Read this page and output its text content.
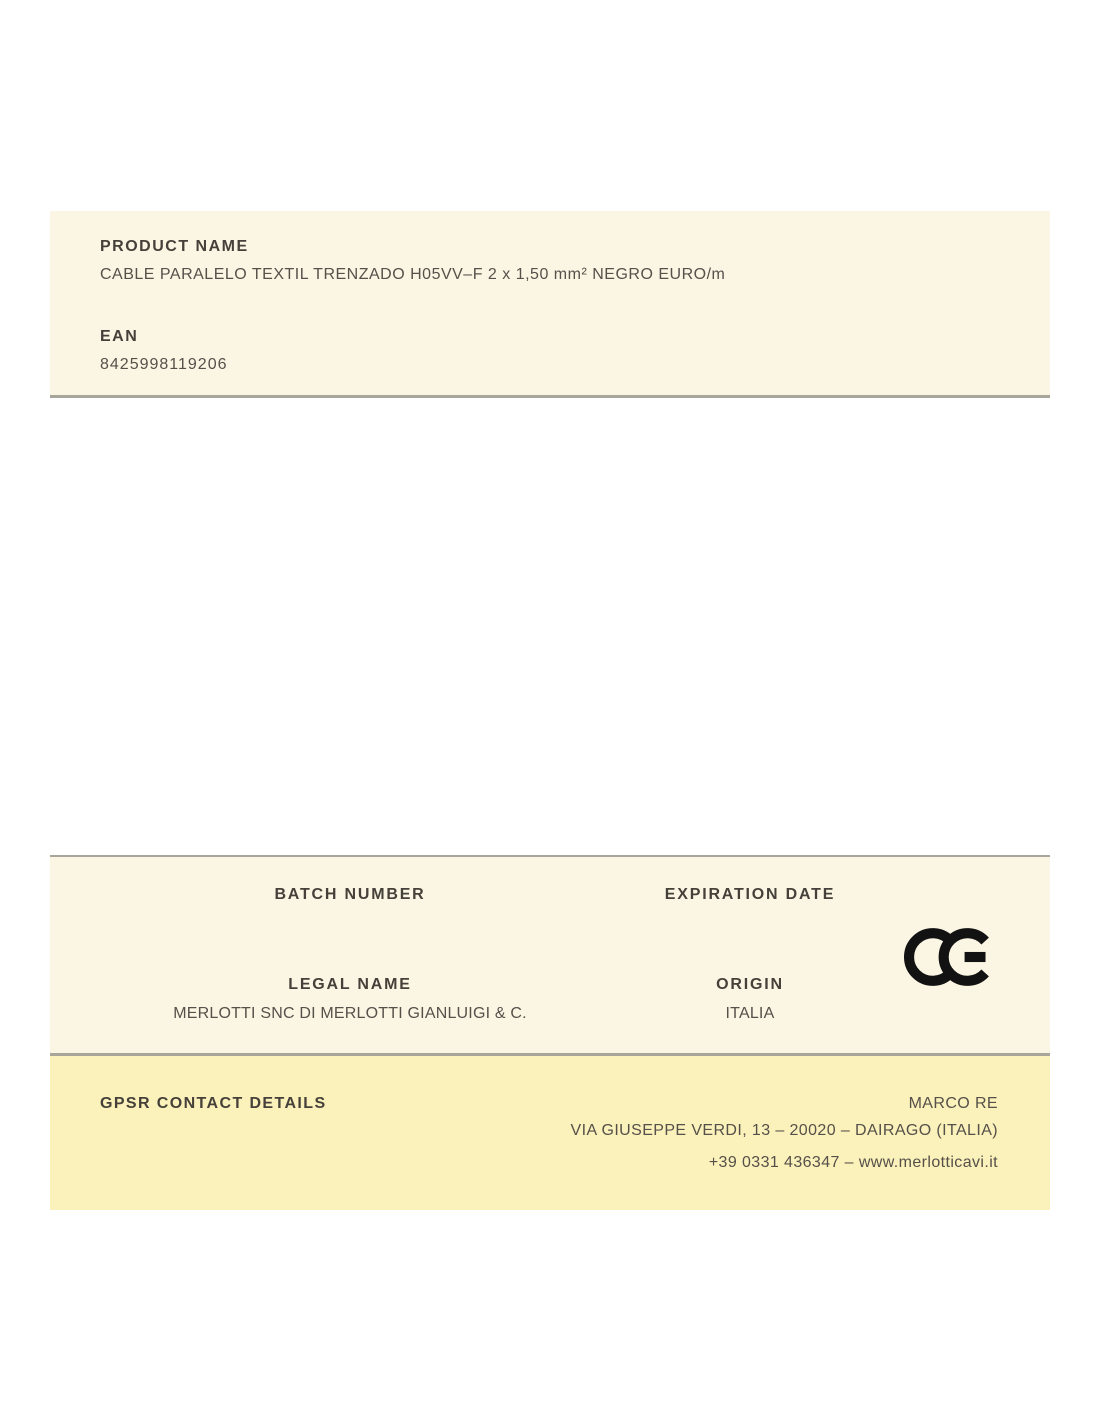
PRODUCT NAME
CABLE PARALELO TEXTIL TRENZADO H05VV–F 2 x 1,50 mm² NEGRO EURO/m
EAN
8425998119206
BATCH NUMBER
LEGAL NAME
MERLOTTI SNC DI MERLOTTI GIANLUIGI & C.
EXPIRATION DATE
ORIGIN
ITALIA
GPSR CONTACT DETAILS	MARCO RE
VIA GIUSEPPE VERDI, 13 – 20020 – DAIRAGO (ITALIA)
+39 0331 436347 – www.merlotticavi.it
